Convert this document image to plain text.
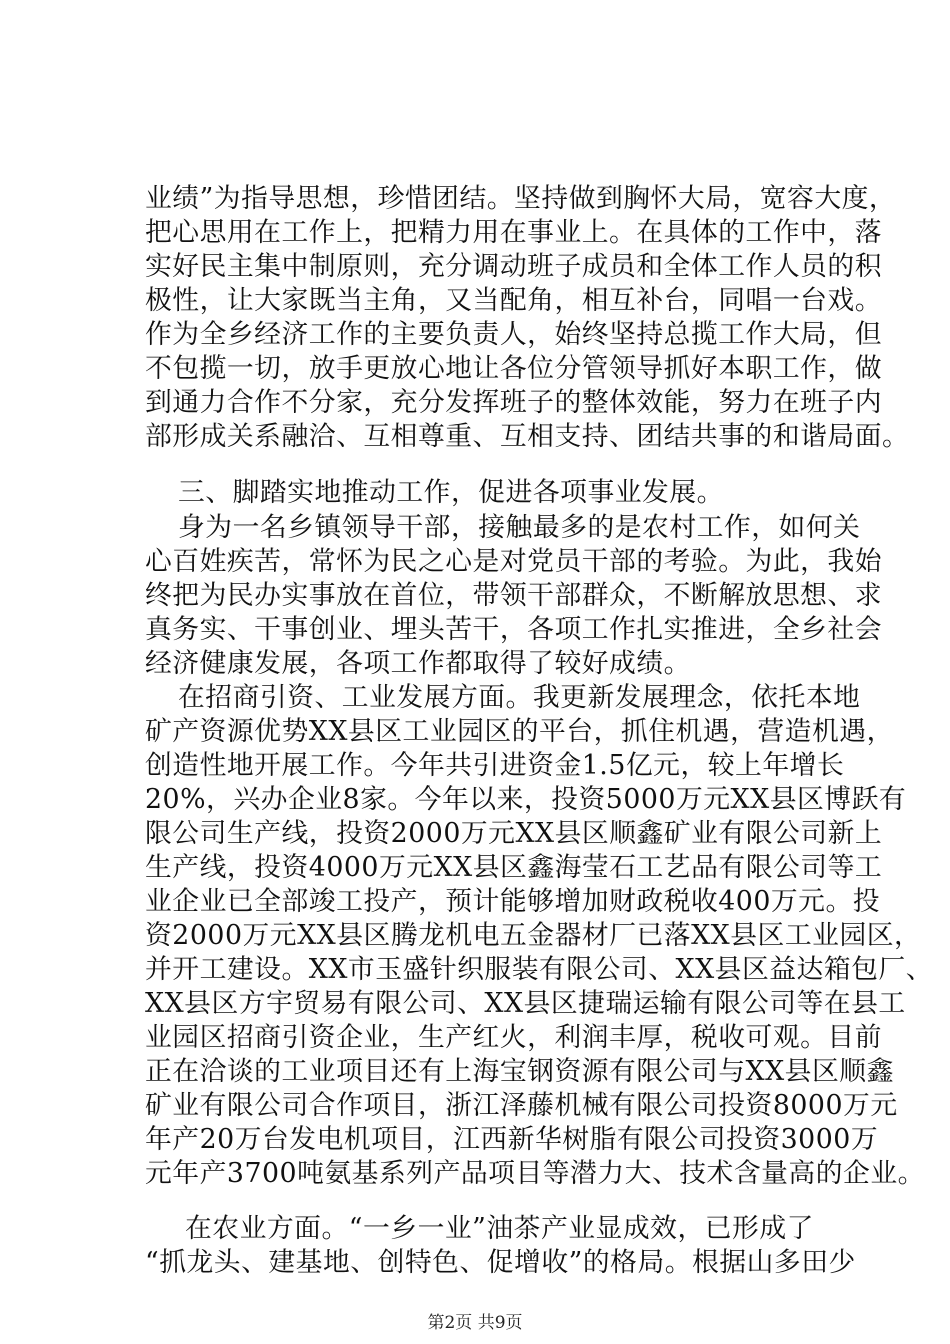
业绩”为指导思想，珍惜团结。坚持做到胸怀大局，宽容大度，
把心思用在工作上，把精力用在事业上。在具体的工作中，落
实好民主集中制原则，充分调动班子成员和全体工作人员的积
极性，让大家既当主角，又当配角，相互补台，同唱一台戏。
作为全乡经济工作的主要负责人，始终坚持总揽工作大局，但
不包揽一切，放手更放心地让各位分管领导抓好本职工作，做
到通力合作不分家，充分发挥班子的整体效能，努力在班子内
部形成关系融洽、互相尊重、互相支持、团结共事的和谐局面。
三、脚踏实地推动工作，促进各项事业发展。
身为一名乡镇领导干部，接触最多的是农村工作，如何关
心百姓疾苦，常怀为民之心是对党员干部的考验。为此，我始
终把为民办实事放在首位，带领干部群众，不断解放思想、求
真务实、干事创业、埋头苦干，各项工作扎实推进，全乡社会
经济健康发展，各项工作都取得了较好成绩。
在招商引资、工业发展方面。我更新发展理念，依托本地
矿产资源优势XX县区工业园区的平台，抓住机遇，营造机遇，
创造性地开展工作。今年共引进资金1.5亿元，较上年增长
20%，兴办企业8家。今年以来，投资5000万元XX县区博跃有
限公司生产线，投资2000万元XX县区顺鑫矿业有限公司新上
生产线，投资4000万元XX县区鑫海莹石工艺品有限公司等工
业企业已全部竣工投产，预计能够增加财政税收400万元。投
资2000万元XX县区腾龙机电五金器材厂已落XX县区工业园区，
并开工建设。XX市玉盛针织服装有限公司、XX县区益达箱包厂、
XX县区方宇贸易有限公司、XX县区捷瑞运输有限公司等在县工
业园区招商引资企业，生产红火，利润丰厚，税收可观。目前
正在洽谈的工业项目还有上海宝钢资源有限公司与XX县区顺鑫
矿业有限公司合作项目，浙江泽藤机械有限公司投资8000万元
年产20万台发电机项目，江西新华树脂有限公司投资3000万
元年产3700吨氨基系列产品项目等潜力大、技术含量高的企业。
在农业方面。“一乡一业”油茶产业显成效，已形成了
“抓龙头、建基地、创特色、促增收”的格局。根据山多田少
第2页 共9页
